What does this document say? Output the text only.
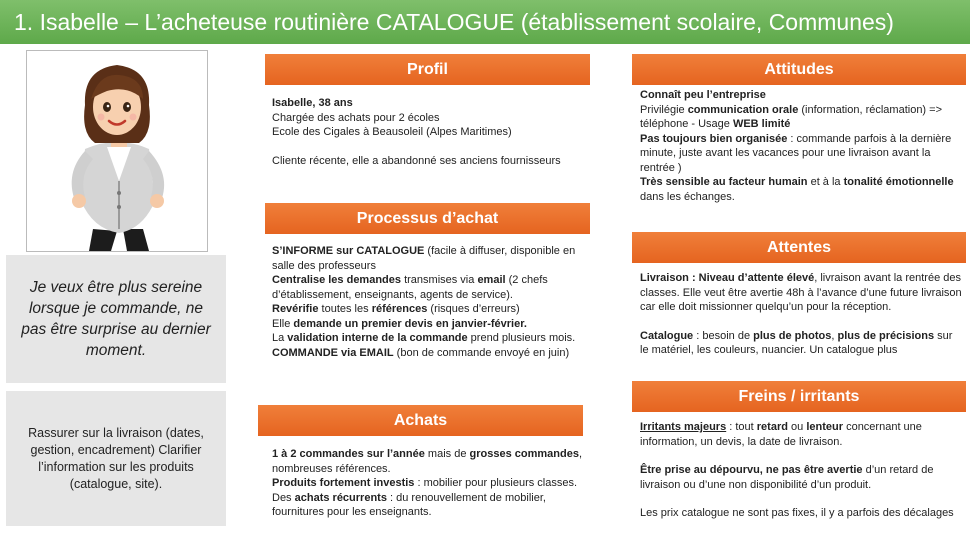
1. Isabelle – L’acheteuse routinière CATALOGUE (établissement scolaire, Communes)
Je veux être plus sereine lorsque je commande, ne pas être surprise au dernier moment.
Rassurer sur la livraison (dates, gestion, encadrement) Clarifier l’information sur les produits (catalogue, site).
Profil

Isabelle, 38 ans

Chargée des achats pour 2 écoles

Ecole des Cigales à Beausoleil (Alpes Maritimes)

Cliente récente, elle a abandonné ses anciens fournisseurs

Processus d’achat

S’INFORME sur CATALOGUE (facile à diffuser, disponible en salle des professeurs

Centralise les demandes transmises via email (2 chefs d’établissement, enseignants, agents de service).

Revérifie toutes les références (risques d’erreurs)

Elle demande un premier devis en janvier-février.

La validation interne de la commande prend plusieurs mois.

COMMANDE via EMAIL (bon de commande envoyé en juin)

Achats

1 à 2 commandes sur l’année mais de grosses commandes, nombreuses références.

Produits fortement investis : mobilier pour plusieurs classes.

Des achats récurrents : du renouvellement de mobilier, fournitures pour les enseignants.

Attitudes

Connaît peu l’entreprise

Privilégie communication orale (information, réclamation) => téléphone - Usage WEB limité

Pas toujours bien organisée : commande parfois à la dernière minute, juste avant les vacances pour une livraison avant la rentrée )

Très sensible au facteur humain et à la tonalité émotionnelle dans les échanges.

Attentes

Livraison : Niveau d’attente élevé, livraison avant la rentrée des classes. Elle veut être avertie 48h à l’avance d’une future livraison car elle doit missionner quelqu’un pour la réception.

Catalogue : besoin de plus de photos, plus de précisions sur le matériel, les couleurs, nuancier. Un catalogue plus

Freins / irritants

Irritants majeurs : tout retard ou lenteur concernant une information, un devis, la date de livraison.

Être prise au dépourvu, ne pas être avertie d’un retard de livraison ou d’une non disponibilité d’un produit.

Les prix catalogue ne sont pas fixes, il y a parfois des décalages
